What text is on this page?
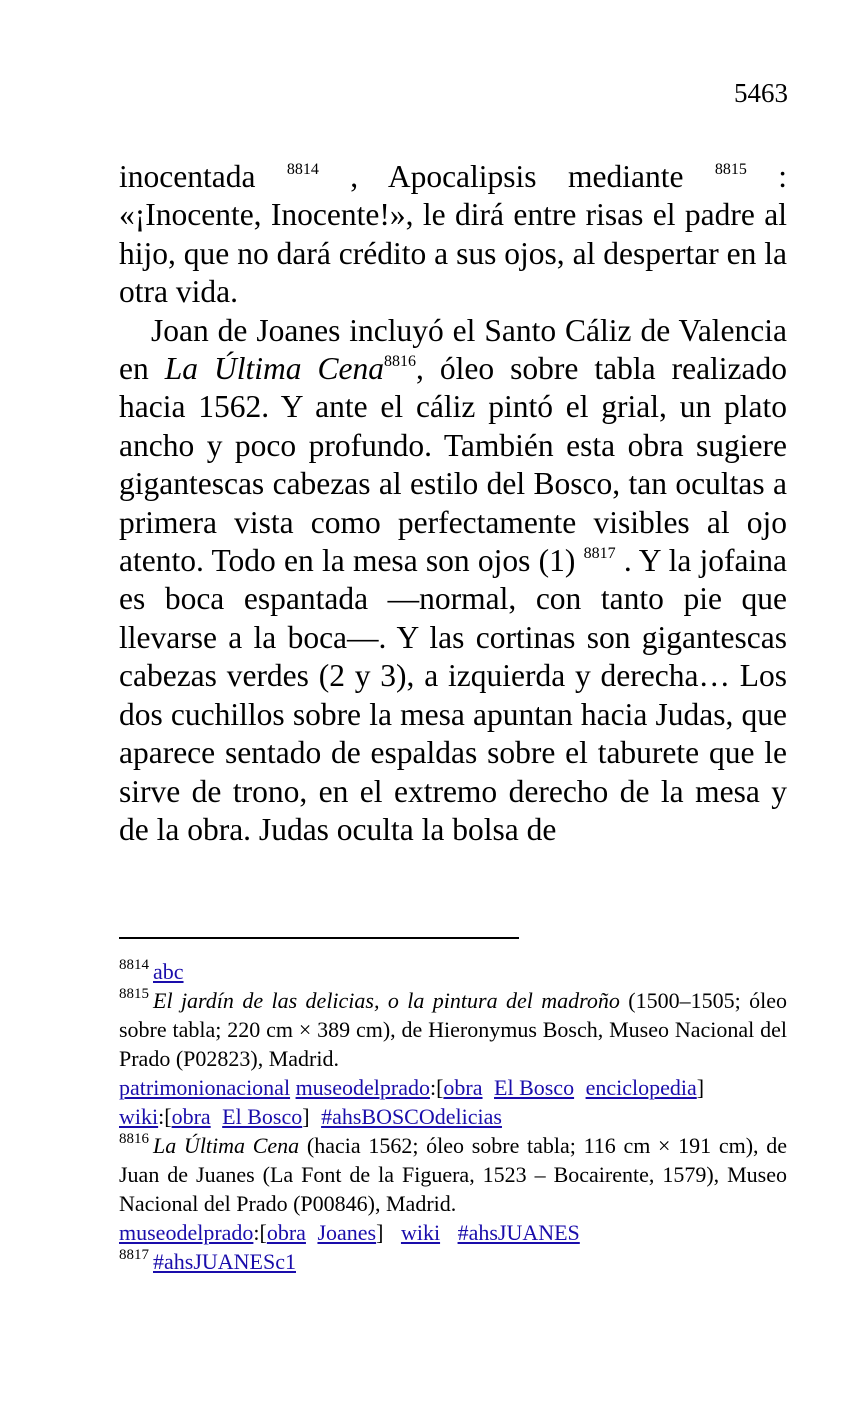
5463

inocentada $^{8814}$ , Apocalipsis mediante $^{8815}$ : «¡Inocente, Inocente!», le dirá entre risas el padre al hijo, que no dará crédito a sus ojos, al despertar en la otra vida.

Joan de Joanes incluyó el Santo Cáliz de Valencia en La Última Cena$^{8816}$, óleo sobre tabla realizado hacia 1562. Y ante el cáliz pintó el grial, un plato ancho y poco profundo. También esta obra sugiere gigantescas cabezas al estilo del Bosco, tan ocultas a primera vista como perfectamente visibles al ojo atento. Todo en la mesa son ojos (1) $^{8817}$ . Y la jofaina es boca espantada —normal, con tanto pie que llevarse a la boca—. Y las cortinas son gigantescas cabezas verdes (2 y 3), a izquierda y derecha… Los dos cuchillos sobre la mesa apuntan hacia Judas, que aparece sentado de espaldas sobre el taburete que le sirve de trono, en el extremo derecho de la mesa y de la obra. Judas oculta la bolsa de

$^{8814}$ abc
$^{8815}$ El jardín de las delicias, o la pintura del madroño (1500–1505; óleo sobre tabla; 220 cm × 389 cm), de Hieronymus Bosch, Museo Nacional del Prado (P02823), Madrid.
patrimonionacional museodelprado:[obra El Bosco enciclopedia]
wiki:[obra El Bosco] #ahsBOSCOdelicias
$^{8816}$ La Última Cena (hacia 1562; óleo sobre tabla; 116 cm × 191 cm), de Juan de Juanes (La Font de la Figuera, 1523 – Bocairente, 1579), Museo Nacional del Prado (P00846), Madrid.
museodelprado:[obra Joanes] wiki #ahsJUANES
$^{8817}$ #ahsJUANESc1
